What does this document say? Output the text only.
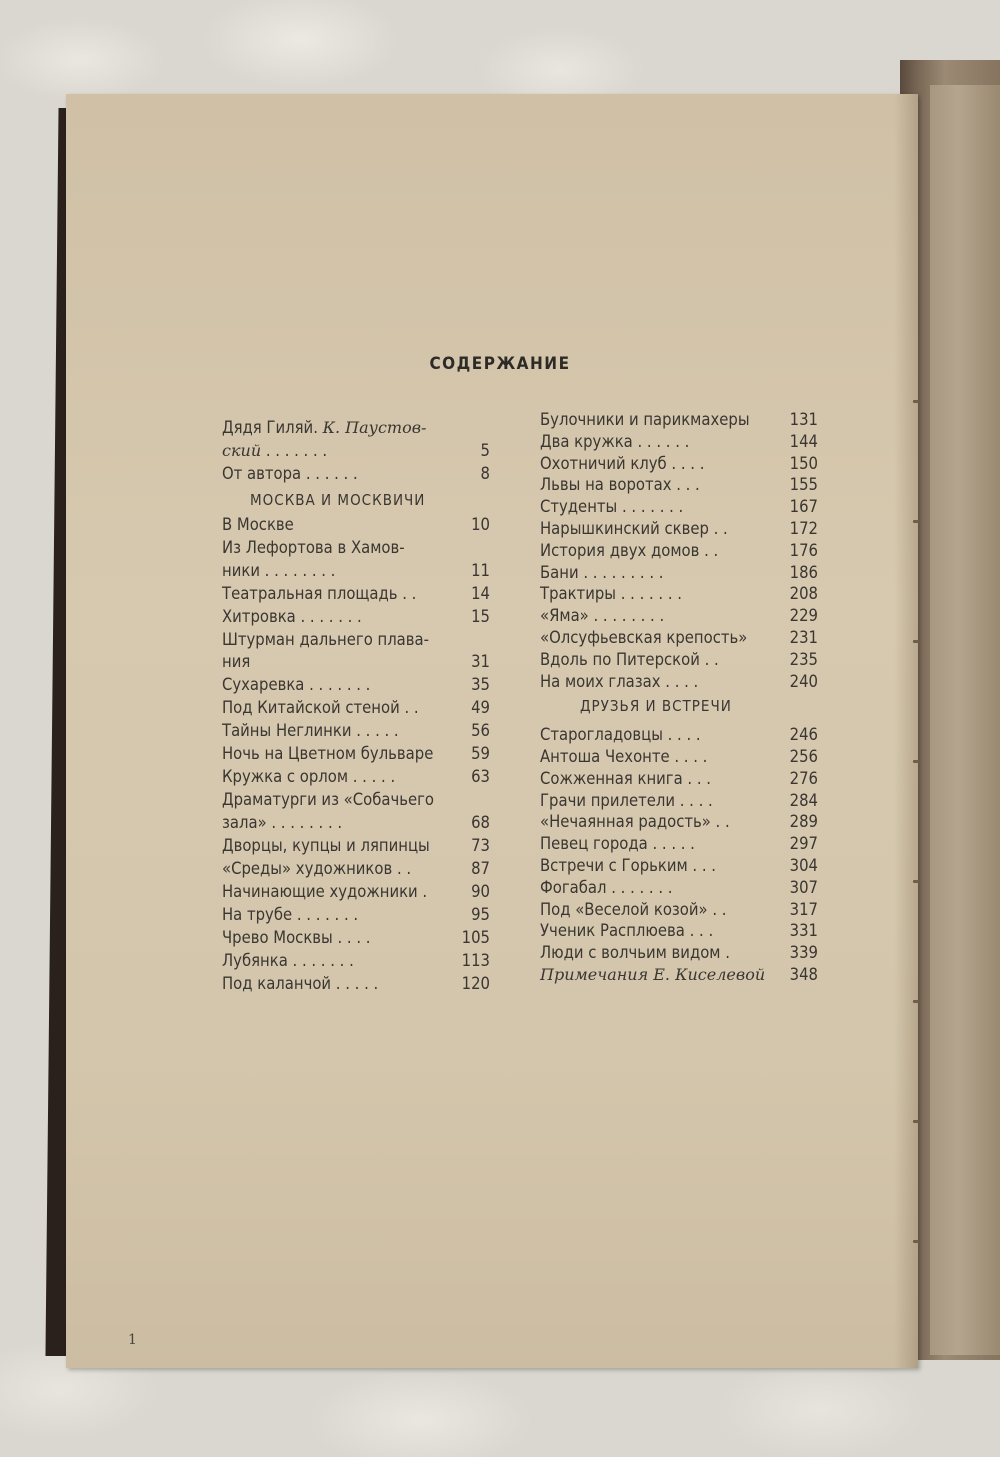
СОДЕРЖАНИЕ
Дядя Гиляй. К. Паустов-
ский . . . . . . .	5
От автора . . . . . .	8
МОСКВА И МОСКВИЧИ
В Москве	10
Из Лефортова в Хамов-
ники . . . . . . . .	11
Театральная площадь . .	14
Хитровка . . . . . . .	15
Штурман дальнего плава-
ния	31
Сухаревка . . . . . . .	35
Под Китайской стеной . .	49
Тайны Неглинки . . . . .	56
Ночь на Цветном бульваре	59
Кружка с орлом . . . . .	63
Драматурги из «Собачьего
зала» . . . . . . . .	68
Дворцы, купцы и ляпинцы	73
«Среды» художников . .	87
Начинающие художники .	90
На трубе . . . . . . .	95
Чрево Москвы . . . .	105
Лубянка . . . . . . .	113
Под каланчой . . . . .	120
Булочники и парикмахеры	131
Два кружка . . . . . .	144
Охотничий клуб . . . .	150
Львы на воротах . . .	155
Студенты . . . . . . .	167
Нарышкинский сквер . .	172
История двух домов . .	176
Бани . . . . . . . . .	186
Трактиры . . . . . . .	208
«Яма» . . . . . . . .	229
«Олсуфьевская крепость»	231
Вдоль по Питерской . .	235
На моих глазах . . . .	240
ДРУЗЬЯ И ВСТРЕЧИ
Старогладовцы . . . .	246
Антоша Чехонте . . . .	256
Сожженная книга . . .	276
Грачи прилетели . . . .	284
«Нечаянная радость» . .	289
Певец города . . . . .	297
Встречи с Горьким . . .	304
Фогабал . . . . . . .	307
Под «Веселой козой» . .	317
Ученик Расплюева . . .	331
Люди с волчьим видом .	339
Примечания Е. Киселевой	348
1
